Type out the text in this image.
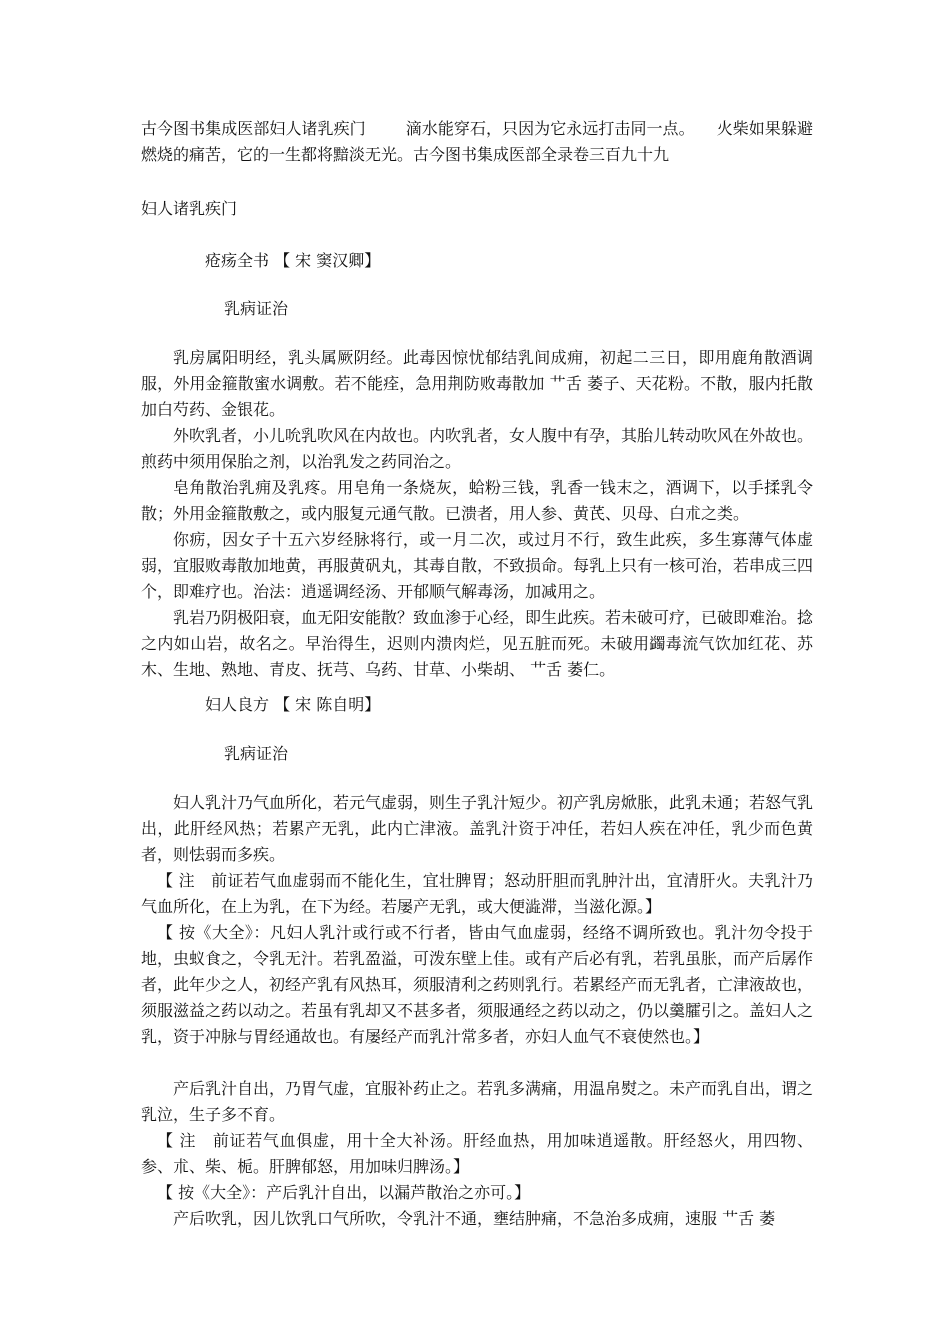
古今图书集成医部妇人诸乳疾门	滴水能穿石，只因为它永远打击同一点。 火柴如果躲避燃烧的痛苦，它的一生都将黯淡无光。古今图书集成医部全录卷三百九十九
妇人诸乳疾门
疮疡全书 【 宋 窦汉卿】
乳病证治

乳房属阳明经，乳头属厥阴经。此毒因惊忧郁结乳间成痈，初起二三日，即用鹿角散酒调服，外用金箍散蜜水调敷。若不能痊，急用荆防败毒散加 艹舌 萎子、天花粉。不散，服内托散加白芍药、金银花。

外吹乳者，小儿吮乳吹风在内故也。内吹乳者，女人腹中有孕，其胎儿转动吹风在外故也。煎药中须用保胎之剂，以治乳发之药同治之。

皂角散治乳痈及乳疼。用皂角一条烧灰，蛤粉三钱，乳香一钱末之，酒调下，以手揉乳令散；外用金箍散敷之，或内服复元通气散。已溃者，用人参、黄芪、贝母、白朮之类。

你疬，因女子十五六岁经脉将行，或一月二次，或过月不行，致生此疾，多生寡薄气体虚弱，宜服败毒散加地黄，再服黄矾丸，其毒自散，不致损命。每乳上只有一核可治，若串成三四个，即难疗也。治法：逍遥调经汤、开郁顺气解毒汤，加减用之。

乳岩乃阴极阳衰，血无阳安能散？致血渗于心经，即生此疾。若未破可疗，已破即难治。捻之内如山岩，故名之。早治得生，迟则内溃肉烂，见五脏而死。未破用蠲毒流气饮加红花、苏木、生地、熟地、青皮、抚芎、乌药、甘草、小柴胡、 艹舌 萎仁。

妇人良方 【 宋 陈自明】
乳病证治

妇人乳汁乃气血所化，若元气虚弱，则生子乳汁短少。初产乳房焮胀，此乳未通；若怒气乳出，此肝经风热；若累产无乳，此内亡津液。盖乳汁资于冲任，若妇人疾在冲任，乳少而色黄者，则怯弱而多疾。

【 注　前证若气血虚弱而不能化生，宜壮脾胃；怒动肝胆而乳肿汁出，宜清肝火。夫乳汁乃气血所化，在上为乳，在下为经。若屡产无乳，或大便澁滞，当滋化源。】

【 按《大全》：凡妇人乳汁或行或不行者，皆由气血虚弱，经络不调所致也。乳汁勿令投于地，虫蚁食之，令乳无汁。若乳盈溢，可泼东壁上佳。或有产后必有乳，若乳虽胀，而产后孱作者，此年少之人，初经产乳有风热耳，须服清利之药则乳行。若累经产而无乳者，亡津液故也，须服滋益之药以动之。若虽有乳却又不甚多者，须服通经之药以动之，仍以羹臛引之。盖妇人之乳，资于冲脉与胃经通故也。有屡经产而乳汁常多者，亦妇人血气不衰使然也。】

产后乳汁自出，乃胃气虚，宜服补药止之。若乳多满痛，用温帛熨之。未产而乳自出，谓之乳泣，生子多不育。

【 注　前证若气血俱虚，用十全大补汤。肝经血热，用加味逍遥散。肝经怒火，用四物、参、朮、柴、栀。肝脾郁怒，用加味归脾汤。】

【 按《大全》：产后乳汁自出，以漏芦散治之亦可。】

产后吹乳，因儿饮乳口气所吹，令乳汁不通，壅结肿痛，不急治多成痈，速服 艹舌 萎
